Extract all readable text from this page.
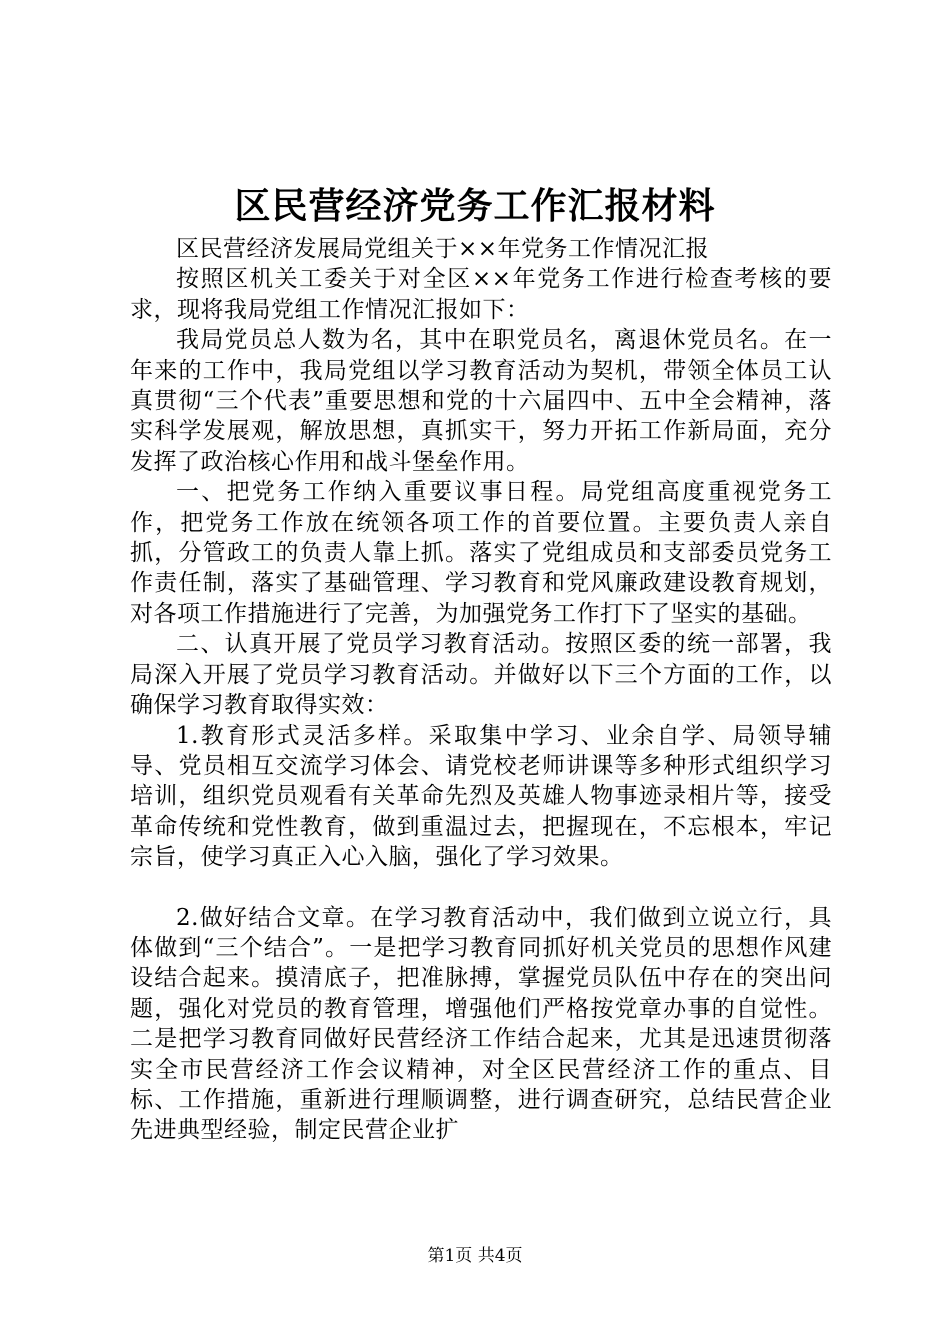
区民营经济党务工作汇报材料

区民营经济发展局党组关于××年党务工作情况汇报

按照区机关工委关于对全区××年党务工作进行检查考核的要求，现将我局党组工作情况汇报如下：

我局党员总人数为名，其中在职党员名，离退休党员名。在一年来的工作中，我局党组以学习教育活动为契机，带领全体员工认真贯彻“三个代表”重要思想和党的十六届四中、五中全会精神，落实科学发展观，解放思想，真抓实干，努力开拓工作新局面，充分发挥了政治核心作用和战斗堡垒作用。

一、把党务工作纳入重要议事日程。局党组高度重视党务工作，把党务工作放在统领各项工作的首要位置。主要负责人亲自抓，分管政工的负责人靠上抓。落实了党组成员和支部委员党务工作责任制，落实了基础管理、学习教育和党风廉政建设教育规划，对各项工作措施进行了完善，为加强党务工作打下了坚实的基础。

二、认真开展了党员学习教育活动。按照区委的统一部署，我局深入开展了党员学习教育活动。并做好以下三个方面的工作，以确保学习教育取得实效：

1.教育形式灵活多样。采取集中学习、业余自学、局领导辅导、党员相互交流学习体会、请党校老师讲课等多种形式组织学习培训，组织党员观看有关革命先烈及英雄人物事迹录相片等，接受革命传统和党性教育，做到重温过去，把握现在，不忘根本，牢记宗旨，使学习真正入心入脑，强化了学习效果。

2.做好结合文章。在学习教育活动中，我们做到立说立行，具体做到“三个结合”。一是把学习教育同抓好机关党员的思想作风建设结合起来。摸清底子，把准脉搏，掌握党员队伍中存在的突出问题，强化对党员的教育管理，增强他们严格按党章办事的自觉性。二是把学习教育同做好民营经济工作结合起来，尤其是迅速贯彻落实全市民营经济工作会议精神，对全区民营经济工作的重点、目标、工作措施，重新进行理顺调整，进行调查研究，总结民营企业先进典型经验，制定民营企业扩

第1页 共4页
